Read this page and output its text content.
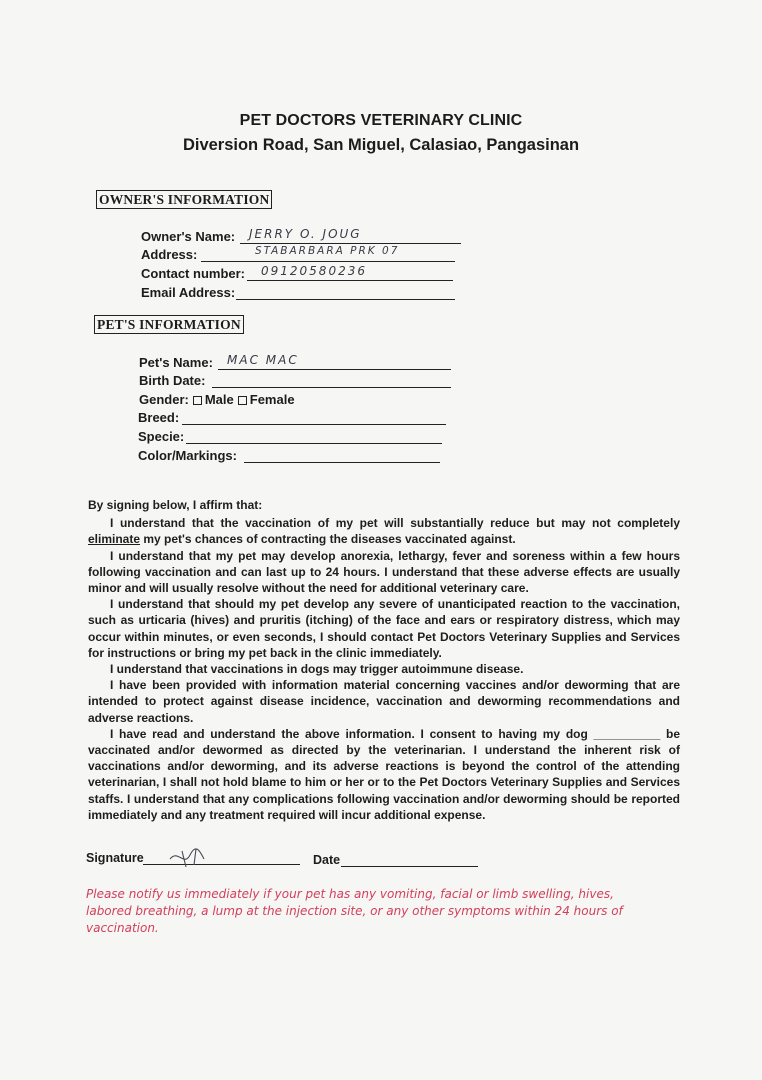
PET DOCTORS VETERINARY CLINIC
Diversion Road, San Miguel, Calasiao, Pangasinan
OWNER'S INFORMATION
Owner's Name: JERRY O. JOUG
Address:	STABARBARA PRK 07
Contact number: 09120580236
Email Address:
PET'S INFORMATION
Pet's Name: MAC MAC
Birth Date:
Gender: Male Female
Breed:
Specie:
Color/Markings:

By signing below, I affirm that:

I understand that the vaccination of my pet will substantially reduce but may not completely eliminate my pet's chances of contracting the diseases vaccinated against.

I understand that my pet may develop anorexia, lethargy, fever and soreness within a few hours following vaccination and can last up to 24 hours. I understand that these adverse effects are usually minor and will usually resolve without the need for additional veterinary care.

I understand that should my pet develop any severe of unanticipated reaction to the vaccination, such as urticaria (hives) and pruritis (itching) of the face and ears or respiratory distress, which may occur within minutes, or even seconds, I should contact Pet Doctors Veterinary Supplies and Services for instructions or bring my pet back in the clinic immediately.

I understand that vaccinations in dogs may trigger autoimmune disease.

I have been provided with information material concerning vaccines and/or deworming that are intended to protect against disease incidence, vaccination and deworming recommendations and adverse reactions.

I have read and understand the above information. I consent to having my dog __________ be vaccinated and/or dewormed as directed by the veterinarian. I understand the inherent risk of vaccinations and/or deworming, and its adverse reactions is beyond the control of the attending veterinarian, I shall not hold blame to him or her or to the Pet Doctors Veterinary Supplies and Services staffs. I understand that any complications following vaccination and/or deworming should be reported immediately and any treatment required will incur additional expense.

Signature	Date
Please notify us immediately if your pet has any vomiting, facial or limb swelling, hives, labored breathing, a lump at the injection site, or any other symptoms within 24 hours of vaccination.
